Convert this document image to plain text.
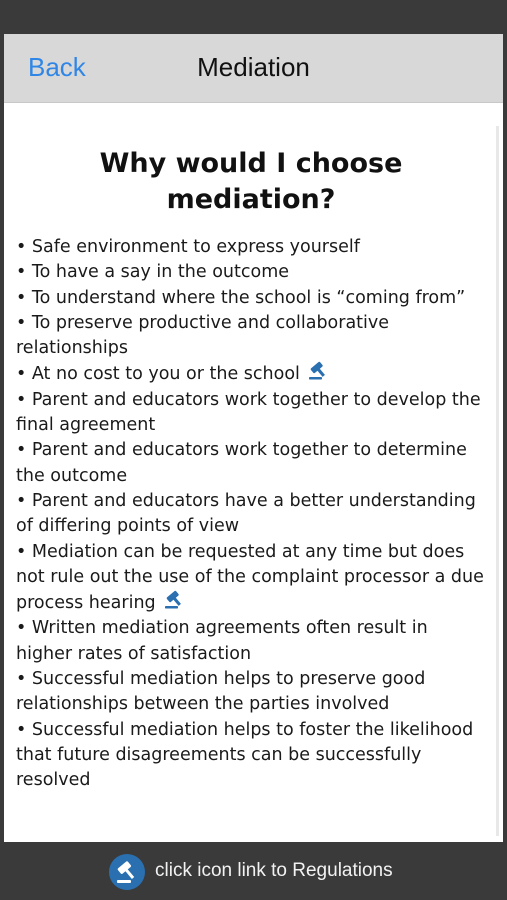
Back	Mediation
Why would I choose mediation?
• Safe environment to express yourself
• To have a say in the outcome
• To understand where the school is “coming from”
• To preserve productive and collaborative relationships
• At no cost to you or the school
• Parent and educators work together to develop the final agreement
• Parent and educators work together to determine the outcome
• Parent and educators have a better understanding of differing points of view
• Mediation can be requested at any time but does not rule out the use of the complaint processor a due process hearing
• Written mediation agreements often result in higher rates of satisfaction
• Successful mediation helps to preserve good relationships between the parties involved
• Successful mediation helps to foster the likelihood that future disagreements can be successfully resolved
click icon link to Regulations
